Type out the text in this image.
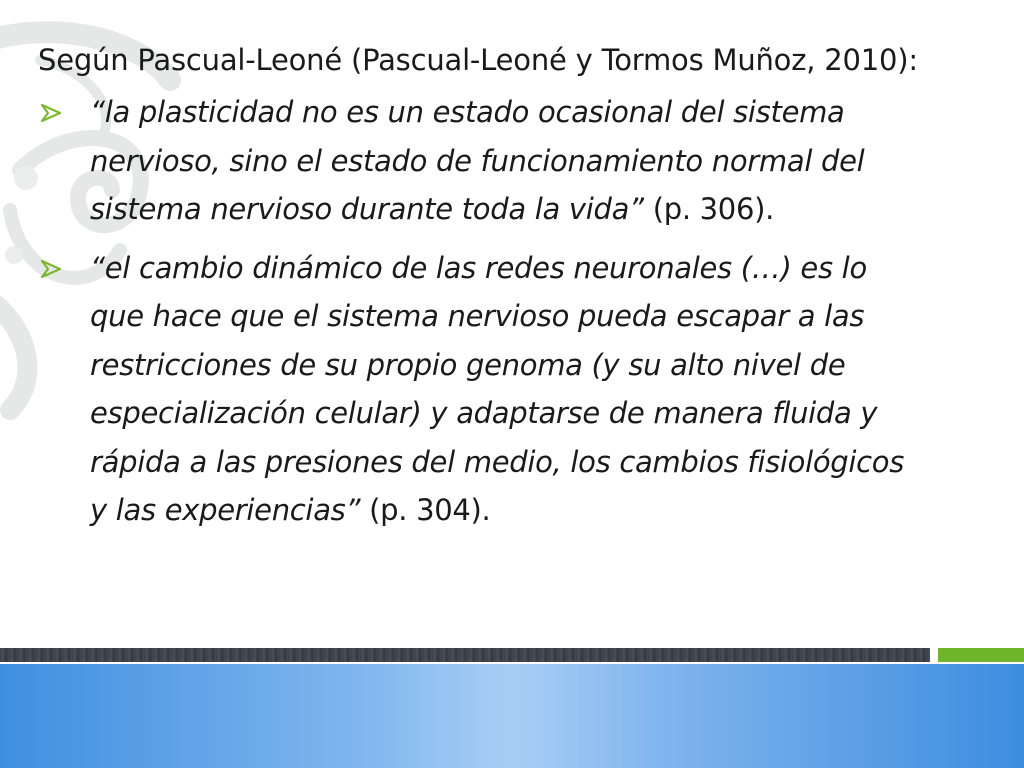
Según Pascual-Leoné (Pascual-Leoné y Tormos Muñoz, 2010):

“la plasticidad no es un estado ocasional del sistema nervioso, sino el estado de funcionamiento normal del sistema nervioso durante toda la vida” (p. 306).
“el cambio dinámico de las redes neuronales (…) es lo que hace que el sistema nervioso pueda escapar a las restricciones de su propio genoma (y su alto nivel de especialización celular) y adaptarse de manera fluida y rápida a las presiones del medio, los cambios fisiológicos y las experiencias” (p. 304).
